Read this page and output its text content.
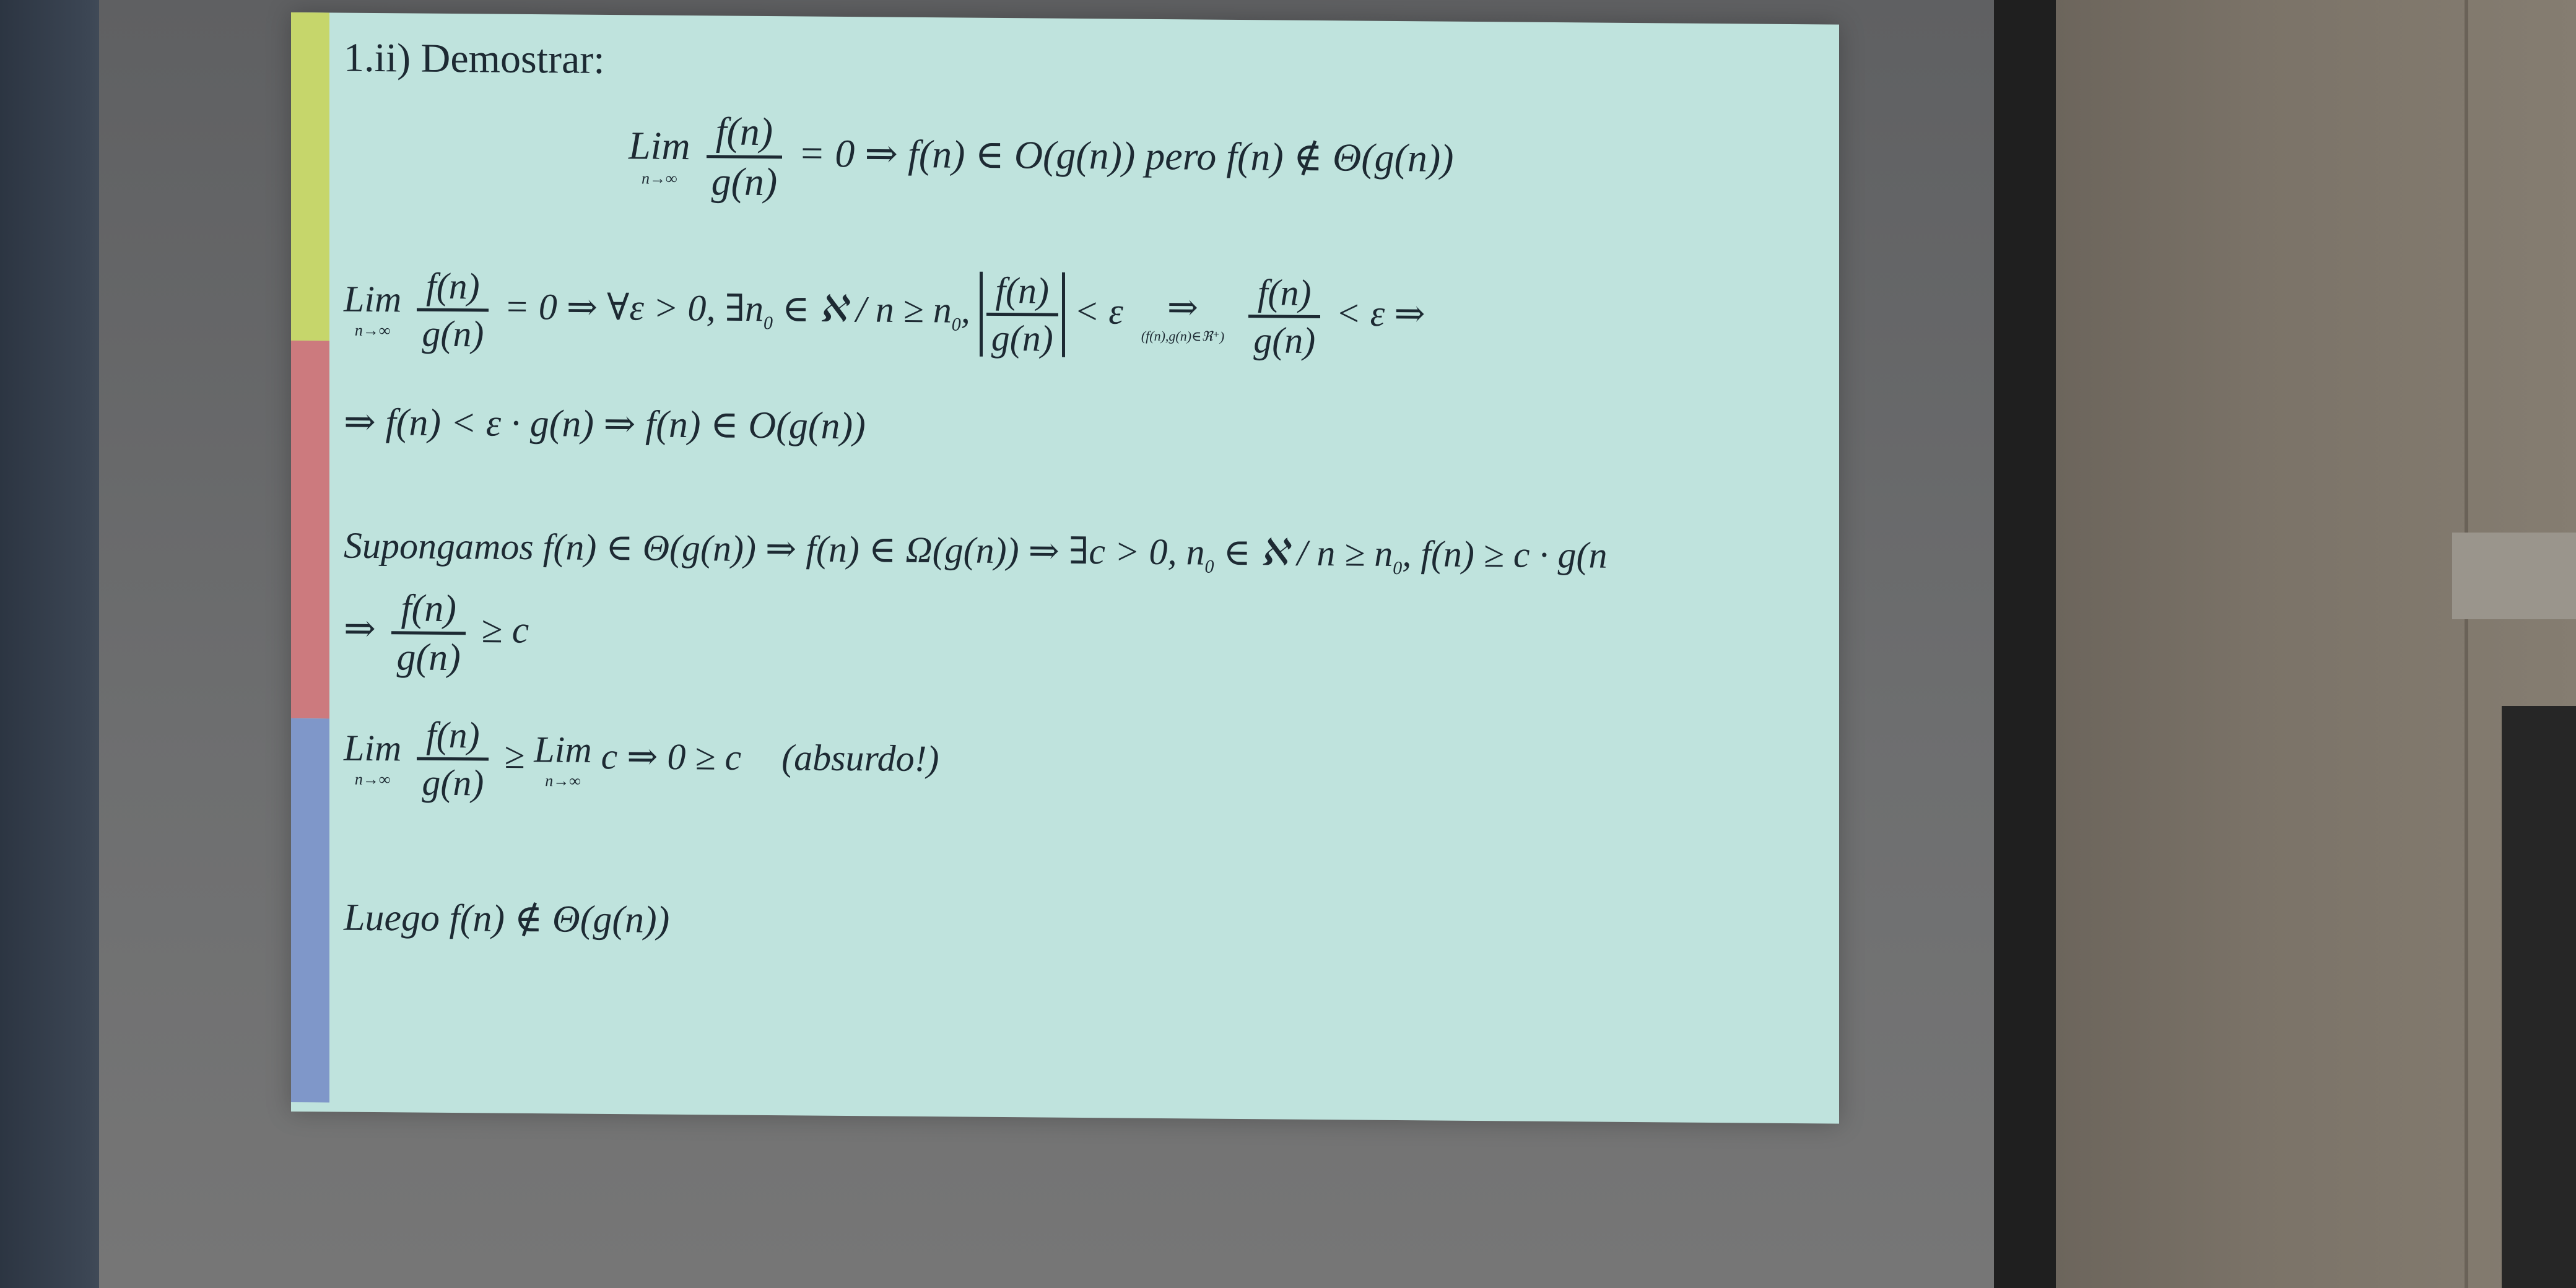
1.ii) Demostrar:
Lim
n→∞
$\frac{f(n)}{g(n)} = 0$ ⇒ f(n) ∈ O(g(n)) pero f(n) ∉ Θ(g(n))
Lim
n→∞
$\frac{f(n)}{g(n)} = 0$ ⇒ ∀ε > 0, $\exists n_0$ ∈ ℵ / $n \ge n_0$, $\frac{f(n)}{g(n)} < \varepsilon$ ⇒
(f(n),g(n)∈ℜ⁺)
$\frac{f(n)}{g(n)} < \varepsilon$ ⇒
⇒ f(n) < ε · g(n) ⇒ f(n) ∈ O(g(n))
Supongamos f(n) ∈ Θ(g(n)) ⇒ f(n) ∈ Ω(g(n)) ⇒ ∃c > 0, $n_0$ ∈ ℵ / $n \ge n_0$, f(n) ≥ c · g(n
⇒ $\frac{f(n)}{g(n)} \ge c$
Lim
n→∞
$\frac{f(n)}{g(n)}$ ≥ Lim
n→∞
c ⇒ 0 ≥ c (absurdo!)
Luego f(n) ∉ Θ(g(n))
